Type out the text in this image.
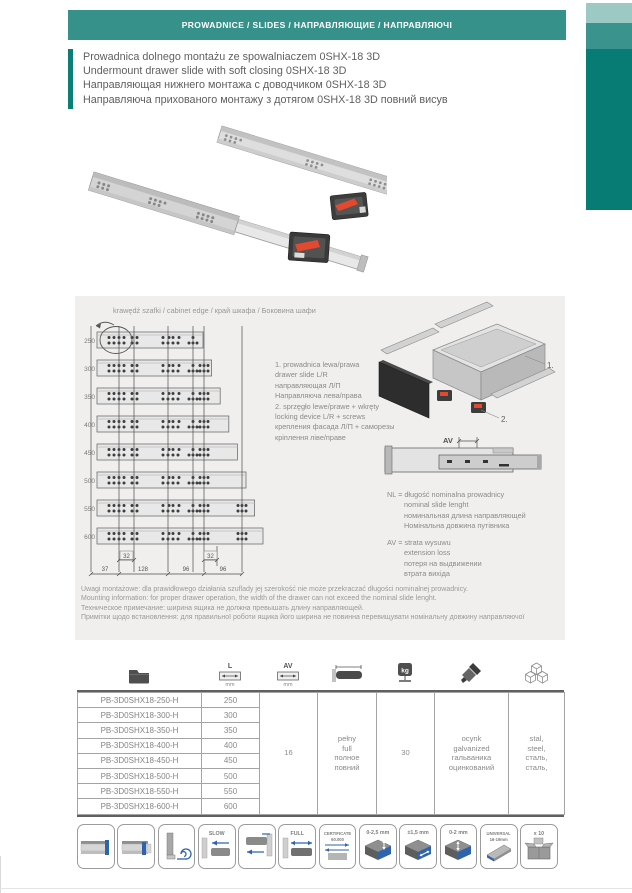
PROWADNICE / SLIDES / НАПРАВЛЯЮЩИЕ / НАПРАВЛЯЮЧІ
Prowadnica dolnego montażu ze spowalniaczem 0SHX-18 3D
Undermount drawer slide with soft closing 0SHX-18 3D
Направляющая нижнего монтажа с доводчиком 0SHX-18 3D
Направляюча прихованого монтажу з дотягом 0SHX-18 3D повний висув
krawędź szafki / cabinet edge / край шкафа / Боковина шафи
250
300
350
400
450
500
550
600
32	32
37	128	96	96
1. prowadnica lewa/prawa
drawer slide L/R
направляющая Л/П
Направляюча лева/права
2. sprzęgło lewe/prawe + wkręty
locking device L/R + screws
крепления фасада Л/П + саморезы
кріплення ліве/праве
1.
2.
AV
NL = długość nominalna prowadnicy
nominal slide lenght
номинальная длина направляющей
Номінальна довжина путівника
AV = strata wysuwu
extension loss
потеря на выдвижении
втрата вихіда
Uwagi montażowe: dla prawidłowego działania szuflady jej szerokość nie może przekraczać długości nominalnej prowadnicy.
Mounting information: for proper drawer operation, the width of the drawer can not exceed the nominal slide lenght.
Техническое примечание: ширина ящика не должна превышать длину направляющей.
Примітки щодо встановлення: для правильної роботи ящика його ширина не повинна перевищувати номінальну довжину направляючої
L
mm
AV
mm
kg
PB-3D0SHX18-250-H	250	
16

pełny
full
полное
повний

30

ocynk
galvanized
гальваника
оцинкований

stal,
steel,
сталь,
сталь,

PB-3D0SHX18-300-H	300					
PB-3D0SHX18-350-H	350					
PB-3D0SHX18-400-H	400					
PB-3D0SHX18-450-H	450					
PB-3D0SHX18-500-H	500					
PB-3D0SHX18-550-H	550					
PB-3D0SHX18-600-H	600					
SLOW	FULL	CERTIFICATE
60.000
0-2,5 mm	±1,5 mm	0-2 mm	UNIVERSAL
16-19mm
x 10
